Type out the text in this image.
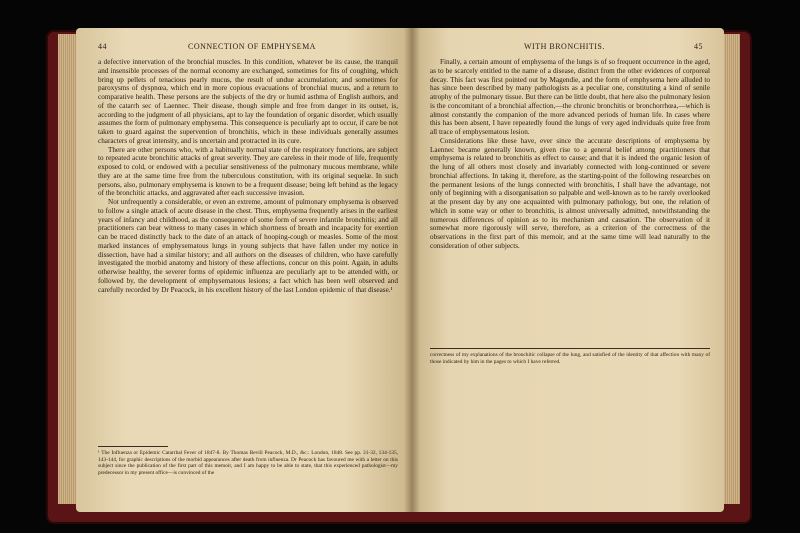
44	CONNECTION OF EMPHYSEMA

a defective innervation of the bronchial muscles. In this condition, whatever be its cause, the tranquil and insensible processes of the normal economy are exchanged, sometimes for fits of coughing, which bring up pellets of tenacious pearly mucus, the result of undue accumulation; and sometimes for paroxysms of dyspnœa, which end in more copious evacuations of bronchial mucus, and a return to comparative health. These persons are the subjects of the dry or humid asthma of English authors, and of the catarrh sec of Laennec. Their disease, though simple and free from danger in its outset, is, according to the judgment of all physicians, apt to lay the foundation of organic disorder, which usually assumes the form of pulmonary emphysema. This consequence is peculiarly apt to occur, if care be not taken to guard against the supervention of bronchitis, which in these individuals generally assumes characters of great intensity, and is uncertain and protracted in its cure.

There are other persons who, with a habitually normal state of the respiratory functions, are subject to repeated acute bronchitic attacks of great severity. They are careless in their mode of life, frequently exposed to cold, or endowed with a peculiar sensitiveness of the pulmonary mucous membrane, while they are at the same time free from the tuberculous constitution, with its original sequelæ. In such persons, also, pulmonary emphysema is known to be a frequent disease; being left behind as the legacy of the bronchitic attacks, and aggravated after each successive invasion.

Not unfrequently a considerable, or even an extreme, amount of pulmonary emphysema is observed to follow a single attack of acute disease in the chest. Thus, emphysema frequently arises in the earliest years of infancy and childhood, as the consequence of some form of severe infantile bronchitis; and all practitioners can bear witness to many cases in which shortness of breath and incapacity for exertion can be traced distinctly back to the date of an attack of hooping-cough or measles. Some of the most marked instances of emphysematous lungs in young subjects that have fallen under my notice in dissection, have had a similar history; and all authors on the diseases of children, who have carefully investigated the morbid anatomy and history of these affections, concur on this point. Again, in adults otherwise healthy, the severer forms of epidemic influenza are peculiarly apt to be attended with, or followed by, the development of emphysematous lesions; a fact which has been well observed and carefully recorded by Dr Peacock, in his excellent history of the last London epidemic of that disease.¹

¹ The Influenza or Epidemic Catarrhal Fever of 1847-8. By Thomas Bevill Peacock, M.D., &c.: London, 1848. See pp. 31-32, 134-135, 143-144, for graphic descriptions of the morbid appearances after death from influenza. Dr Peacock has favoured me with a letter on this subject since the publication of the first part of this memoir, and I am happy to be able to state, that this experienced pathologist—my predecessor in my present office—is convinced of the
WITH BRONCHITIS.	45

Finally, a certain amount of emphysema of the lungs is of so frequent occurrence in the aged, as to be scarcely entitled to the name of a disease, distinct from the other evidences of corporeal decay. This fact was first pointed out by Magendie, and the form of emphysema here alluded to has since been described by many pathologists as a peculiar one, constituting a kind of senile atrophy of the pulmonary tissue. But there can be little doubt, that here also the pulmonary lesion is the concomitant of a bronchial affection,—the chronic bronchitis or bronchorrhœa,—which is almost constantly the companion of the more advanced periods of human life. In cases where this has been absent, I have repeatedly found the lungs of very aged individuals quite free from all trace of emphysematous lesion.

Considerations like these have, ever since the accurate descriptions of emphysema by Laennec became generally known, given rise to a general belief among practitioners that emphysema is related to bronchitis as effect to cause; and that it is indeed the organic lesion of the lung of all others most closely and invariably connected with long-continued or severe bronchial affections. In taking it, therefore, as the starting-point of the following researches on the permanent lesions of the lungs connected with bronchitis, I shall have the advantage, not only of beginning with a disorganisation so palpable and well-known as to be rarely overlooked at the present day by any one acquainted with pulmonary pathology, but one, the relation of which in some way or other to bronchitis, is almost universally admitted, notwithstanding the numerous differences of opinion as to its mechanism and causation. The observation of it somewhat more rigorously will serve, therefore, as a criterion of the correctness of the observations in the first part of this memoir, and at the same time will lead naturally to the consideration of other subjects.

correctness of my explanations of the bronchitic collapse of the lung, and satisfied of the identity of that affection with many of those indicated by him in the pages to which I have referred.
